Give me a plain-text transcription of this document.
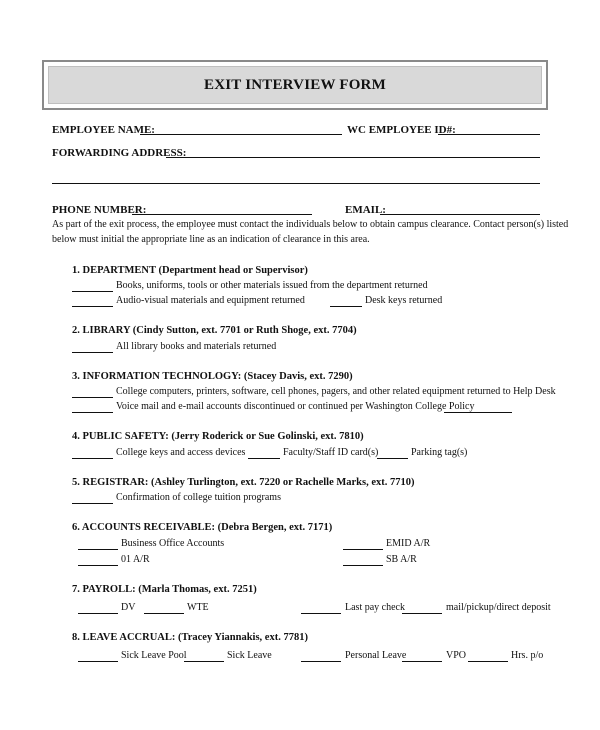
EXIT INTERVIEW FORM
EMPLOYEE NAME:	WC EMPLOYEE ID#:
FORWARDING ADDRESS:
PHONE NUMBER:	EMAIL:
As part of the exit process, the employee must contact the individuals below to obtain campus clearance. Contact person(s) listed
below must initial the appropriate line as an indication of clearance in this area.
1. DEPARTMENT (Department head or Supervisor)
Books, uniforms, tools or other materials issued from the department returned
Audio-visual materials and equipment returned	Desk keys returned
2. LIBRARY (Cindy Sutton, ext. 7701 or Ruth Shoge, ext. 7704)
All library books and materials returned
3. INFORMATION TECHNOLOGY: (Stacey Davis, ext. 7290)
College computers, printers, software, cell phones, pagers, and other related equipment returned to Help Desk
Voice mail and e-mail accounts discontinued or continued per Washington College Policy
4. PUBLIC SAFETY: (Jerry Roderick or Sue Golinski, ext. 7810)
College keys and access devices	Faculty/Staff ID card(s)	Parking tag(s)
5. REGISTRAR: (Ashley Turlington, ext. 7220 or Rachelle Marks, ext. 7710)
Confirmation of college tuition programs
6. ACCOUNTS RECEIVABLE: (Debra Bergen, ext. 7171)
Business Office Accounts	EMID A/R
01 A/R	SB A/R
7. PAYROLL: (Marla Thomas, ext. 7251)
DV	WTE	Last pay check	mail/pickup/direct deposit
8. LEAVE ACCRUAL: (Tracey Yiannakis, ext. 7781)
Sick Leave Pool	Sick Leave	Personal Leave	VPO	Hrs. p/o
